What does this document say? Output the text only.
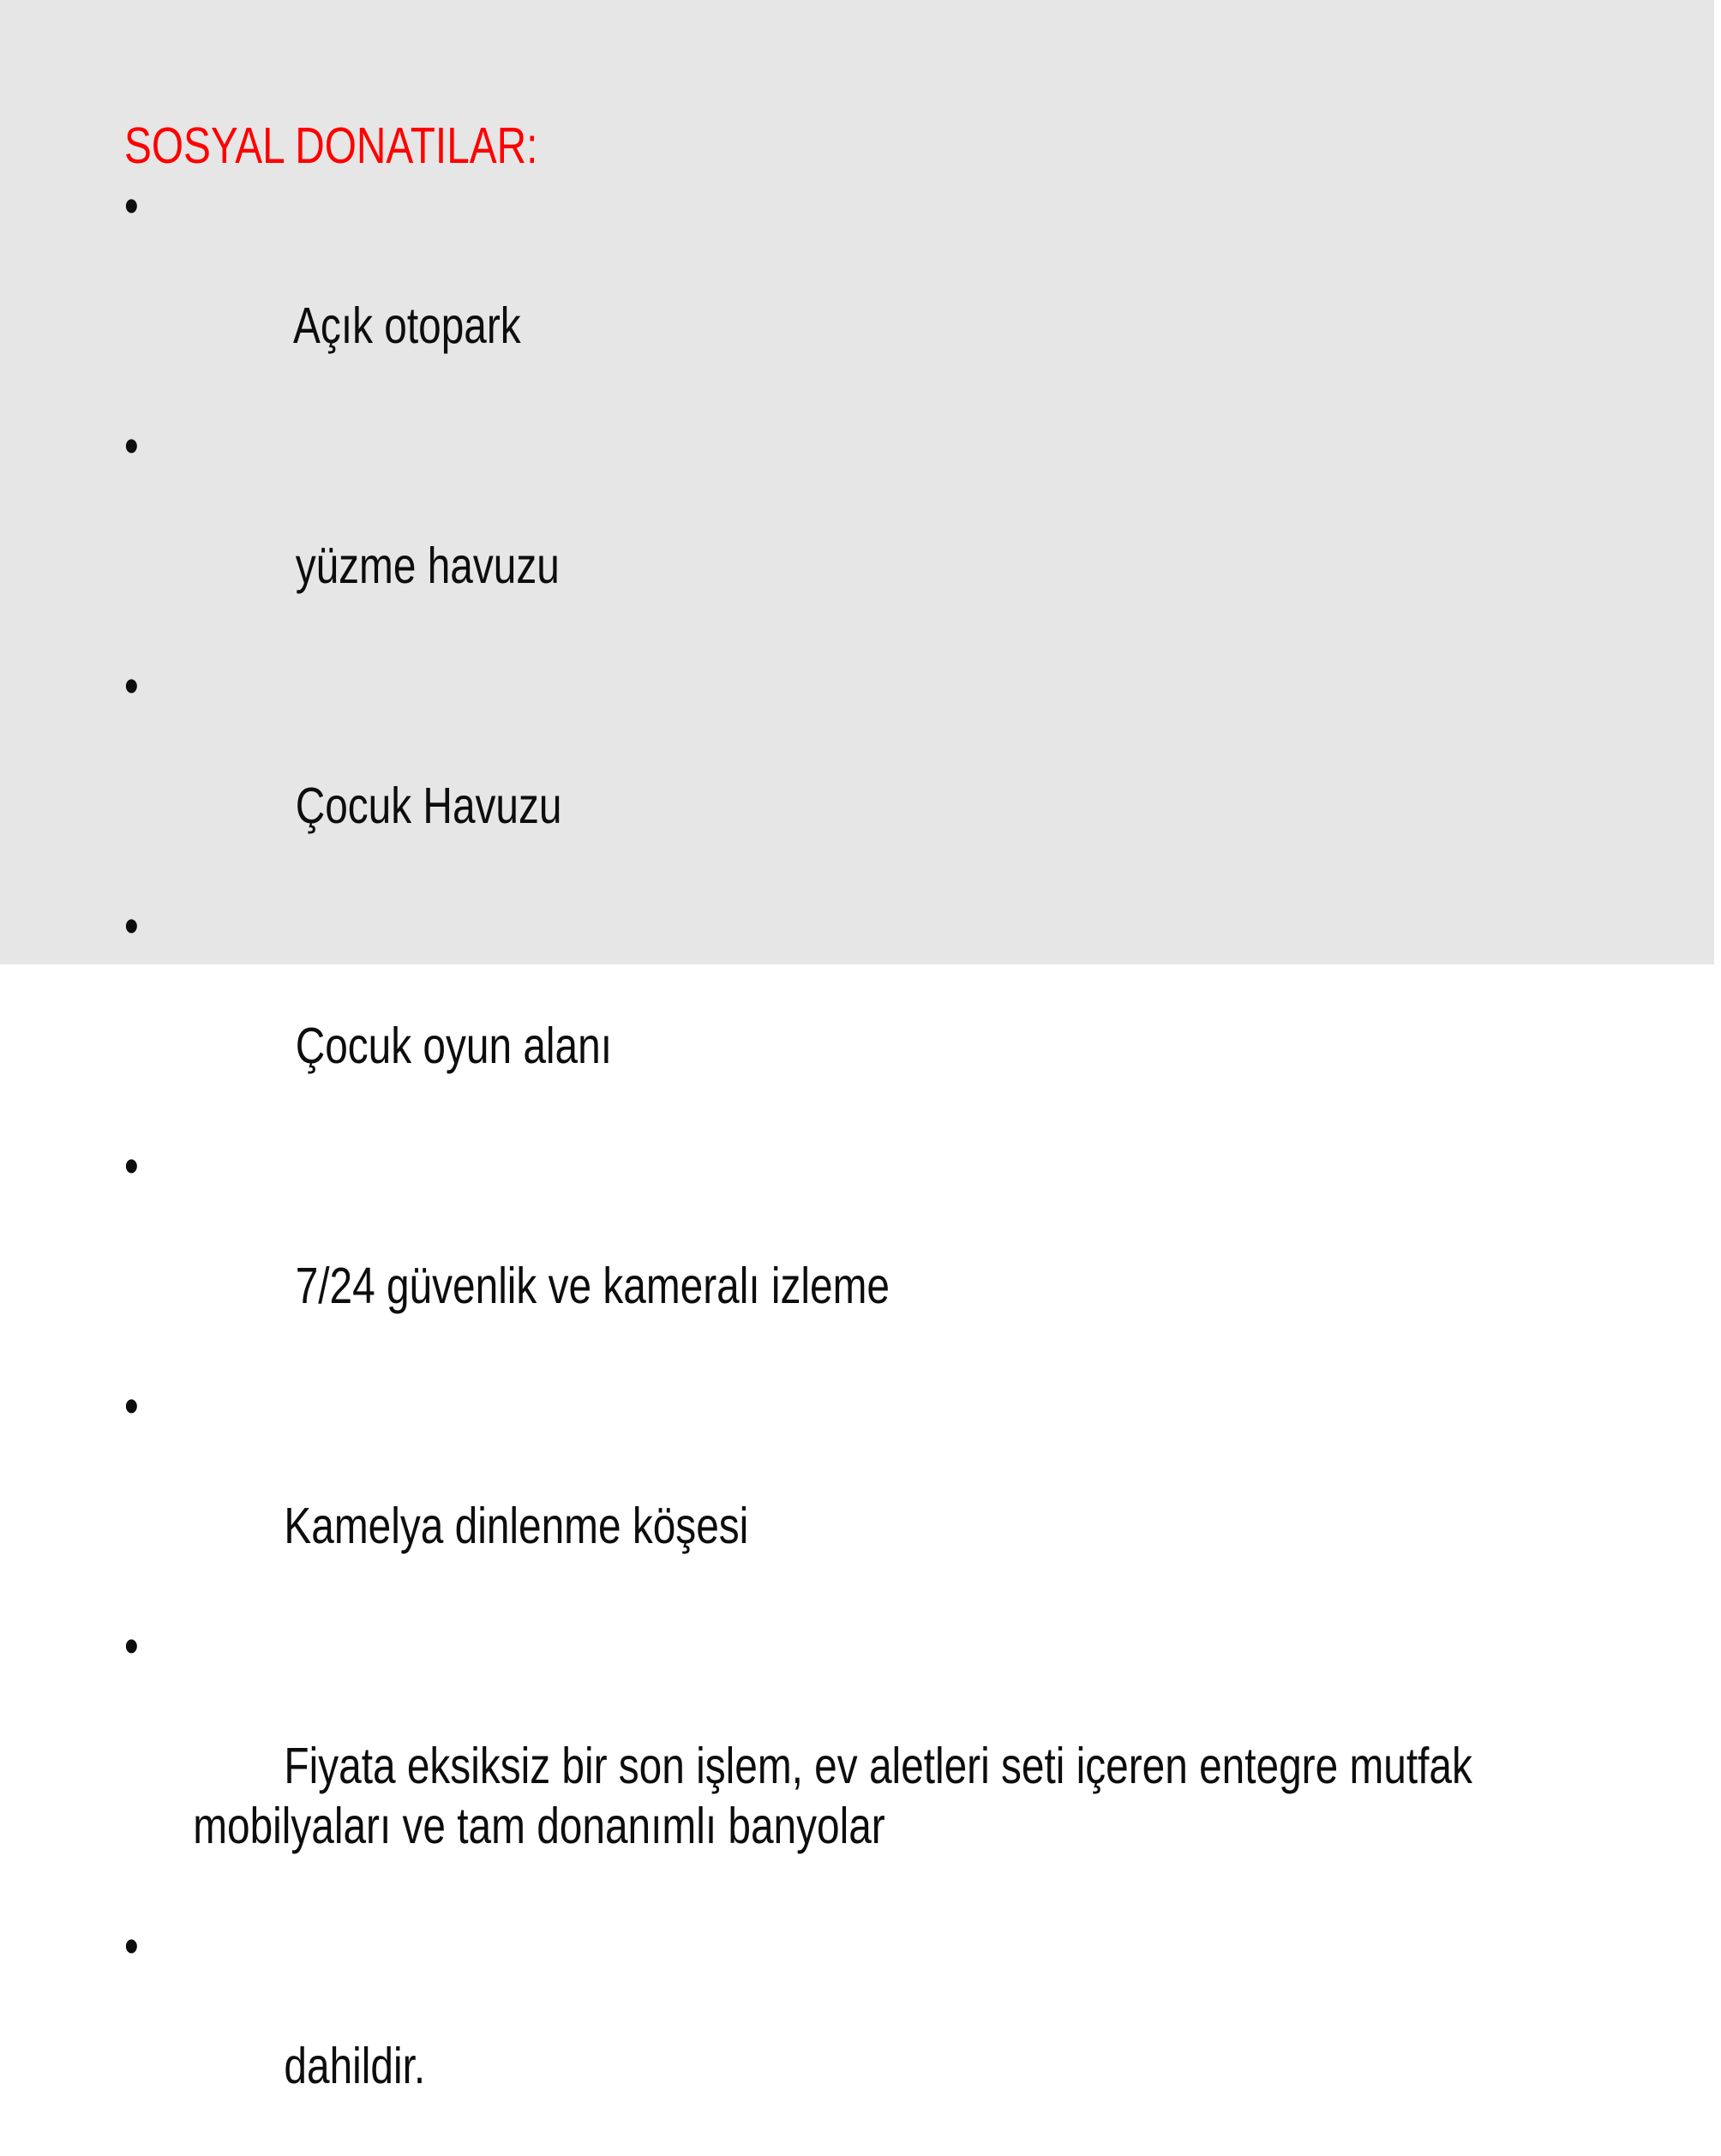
SOSYAL DONATILAR:

•

Açık otopark

•

yüzme havuzu

•

Çocuk Havuzu

•

Çocuk oyun alanı

•

7/24 güvenlik ve kameralı izleme

•

Kamelya dinlenme köşesi

•

Fiyata eksiksiz bir son işlem, ev aletleri seti içeren entegre mutfak mobilyaları ve tam donanımlı banyolar

•

dahildir.
